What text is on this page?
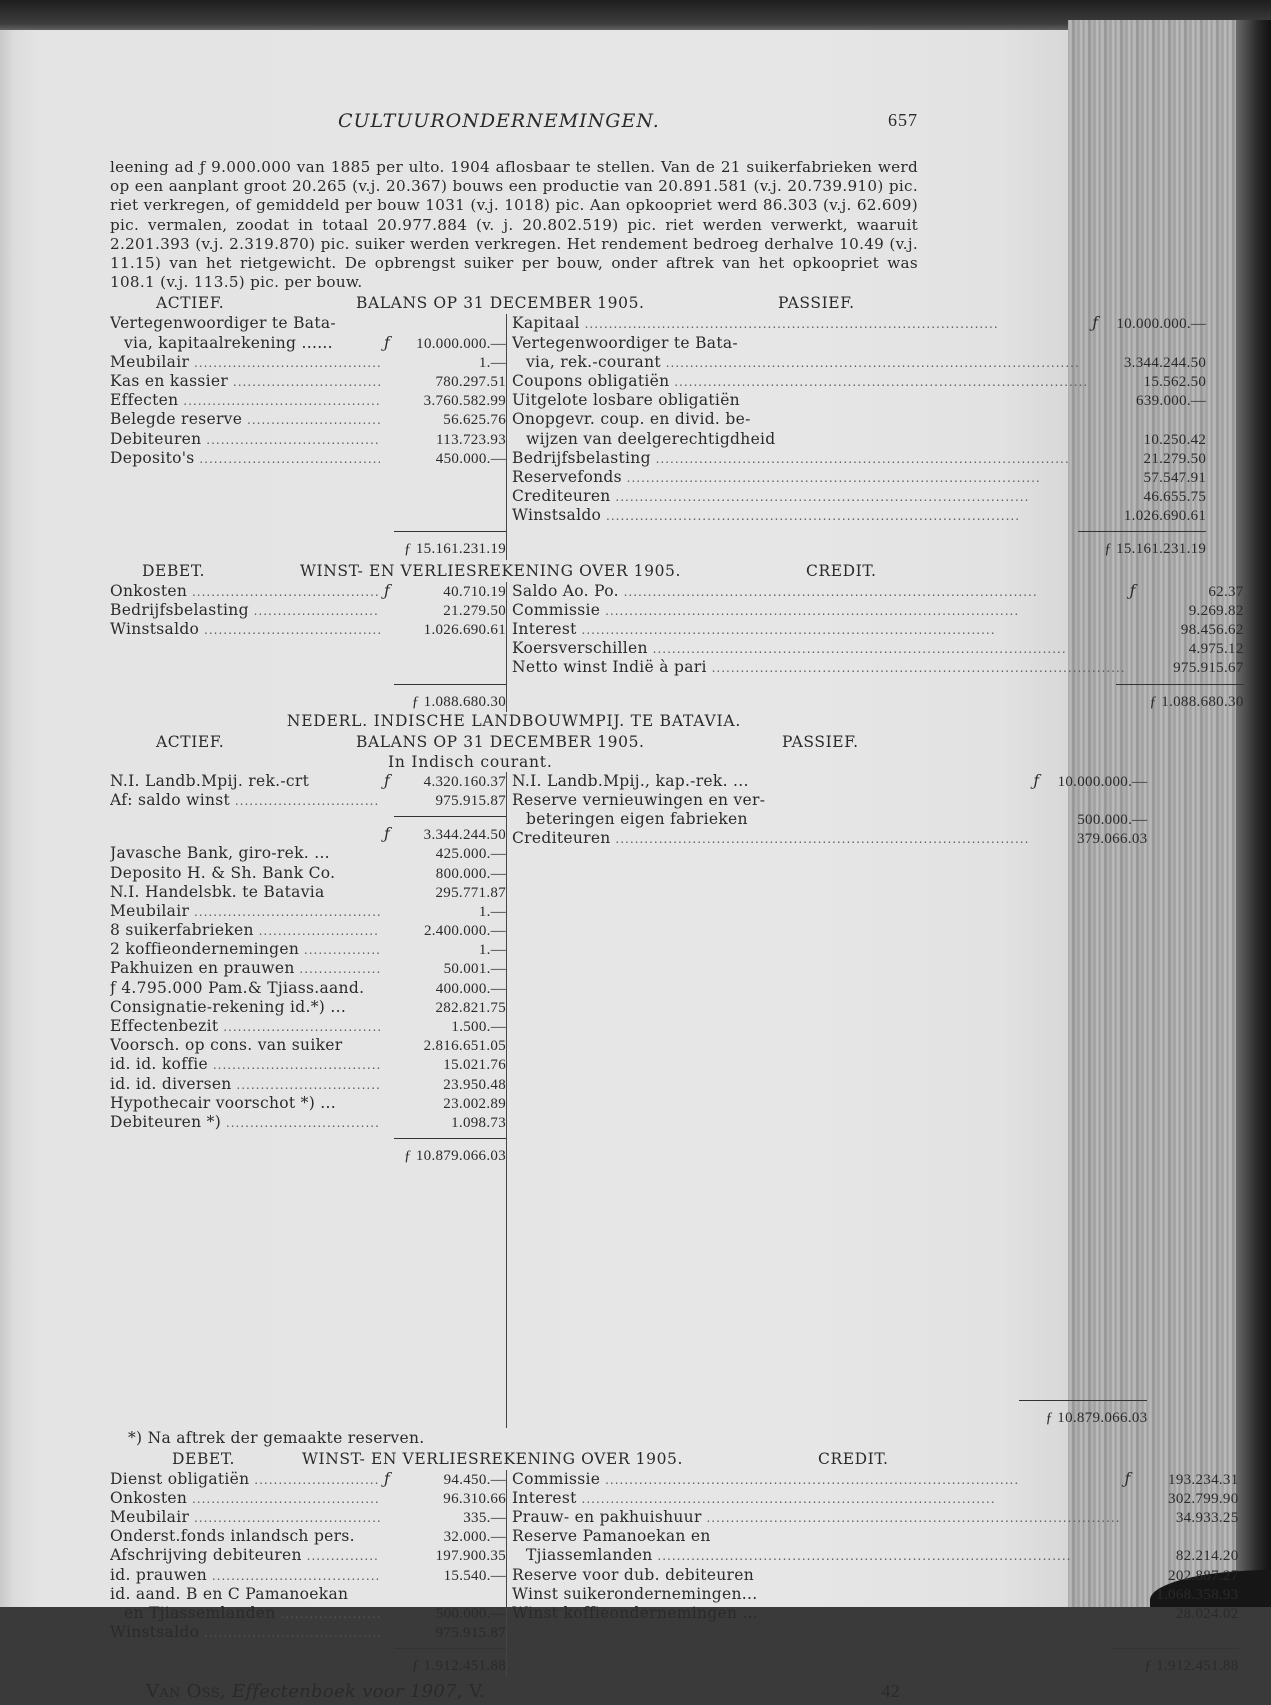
CULTUURONDERNEMINGEN.	657
leening ad ƒ 9.000.000 van 1885 per ulto. 1904 aflosbaar te stellen. Van de 21 suikerfabrieken werd op een aanplant groot 20.265 (v.j. 20.367) bouws een productie van 20.891.581 (v.j. 20.739.910) pic. riet verkregen, of gemiddeld per bouw 1031 (v.j. 1018) pic. Aan opkoopriet werd 86.303 (v.j. 62.609) pic. vermalen, zoodat in totaal 20.977.884 (v. j. 20.802.519) pic. riet werden verwerkt, waaruit 2.201.393 (v.j. 2.319.870) pic. suiker werden verkregen. Het rendement bedroeg derhalve 10.49 (v.j. 11.15) van het rietgewicht. De opbrengst suiker per bouw, onder aftrek van het opkoopriet was 108.1 (v.j. 113.5) pic. per bouw.
ACTIEF.	BALANS OP 31 DECEMBER 1905.	PASSIEF.
Vertegenwoordiger te Bata-
via, kapitaalrekening ......	ƒ	10.000.000.—
Meubilair .....	1.—
Kas en kassier .....	780.297.51
Effecten .....	3.760.582.99
Belegde reserve .....	56.625.76
Debiteuren .....	113.723.93
Deposito's .....	450.000.—
ƒ 15.161.231.19
Kapitaal .....	ƒ	10.000.000.—
Vertegenwoordiger te Bata-
via, rek.-courant .....	3.344.244.50
Coupons obligatiën .....	15.562.50
Uitgelote losbare obligatiën	639.000.—
Onopgevr. coup. en divid. be-
wijzen van deelgerechtigdheid	10.250.42
Bedrijfsbelasting .....	21.279.50
Reservefonds .....	57.547.91
Crediteuren .....	46.655.75
Winstsaldo .....	1.026.690.61
ƒ 15.161.231.19
DEBET.	WINST- EN VERLIESREKENING OVER 1905.	CREDIT.
Onkosten .....	ƒ	40.710.19
Bedrijfsbelasting .....	21.279.50
Winstsaldo .....	1.026.690.61
ƒ 1.088.680.30
Saldo Ao. Po. .....	ƒ	62.37
Commissie .....	9.269.82
Interest .....	98.456.62
Koersverschillen .....	4.975.12
Netto winst Indië à pari .....	975.915.67
ƒ 1.088.680.30
NEDERL. INDISCHE LANDBOUWMPIJ. TE BATAVIA.
ACTIEF.	BALANS OP 31 DECEMBER 1905.	PASSIEF.
In Indisch courant.
N.I. Landb.Mpij. rek.-crt	ƒ	4.320.160.37
Af: saldo winst .....	975.915.87
ƒ	3.344.244.50
Javasche Bank, giro-rek. ...	425.000.—
Deposito H. & Sh. Bank Co.	800.000.—
N.I. Handelsbk. te Batavia	295.771.87
Meubilair .....	1.—
8 suikerfabrieken .....	2.400.000.—
2 koffieondernemingen .....	1.—
Pakhuizen en prauwen .....	50.001.—
ƒ 4.795.000 Pam.& Tjiass.aand.	400.000.—
Consignatie-rekening id.*) ...	282.821.75
Effectenbezit .....	1.500.—
Voorsch. op cons. van suiker	2.816.651.05
id. id. koffie .....	15.021.76
id. id. diversen .....	23.950.48
Hypothecair voorschot *) ...	23.002.89
Debiteuren *) .....	1.098.73
ƒ 10.879.066.03
N.I. Landb.Mpij., kap.-rek. ...	ƒ	10.000.000.—
Reserve vernieuwingen en ver-
beteringen eigen fabrieken	500.000.—
Crediteuren .....	379.066.03
ƒ 10.879.066.03
*) Na aftrek der gemaakte reserven.
DEBET.	WINST- EN VERLIESREKENING OVER 1905.	CREDIT.
Dienst obligatiën .....	ƒ	94.450.—
Onkosten .....	96.310.66
Meubilair .....	335.—
Onderst.fonds inlandsch pers.	32.000.—
Afschrijving debiteuren .....	197.900.35
id. prauwen .....	15.540.—
id. aand. B en C Pamanoekan
en Tjiassemlanden .....	500.000.—
Winstsaldo .....	975.915.87
ƒ 1.912.451.88
Commissie .....	ƒ	193.234.31
Interest .....	302.799.90
Prauw- en pakhuishuur .....	34.933.25
Reserve Pamanoekan en
Tjiassemlanden .....	82.214.20
Reserve voor dub. debiteuren	202.887.27
Winst suikerondernemingen...	1.068.358.93
Winst koffieondernemingen ...	28.024.02
ƒ 1.912.451.88
Van Oss, Effectenboek voor 1907, V.	42
